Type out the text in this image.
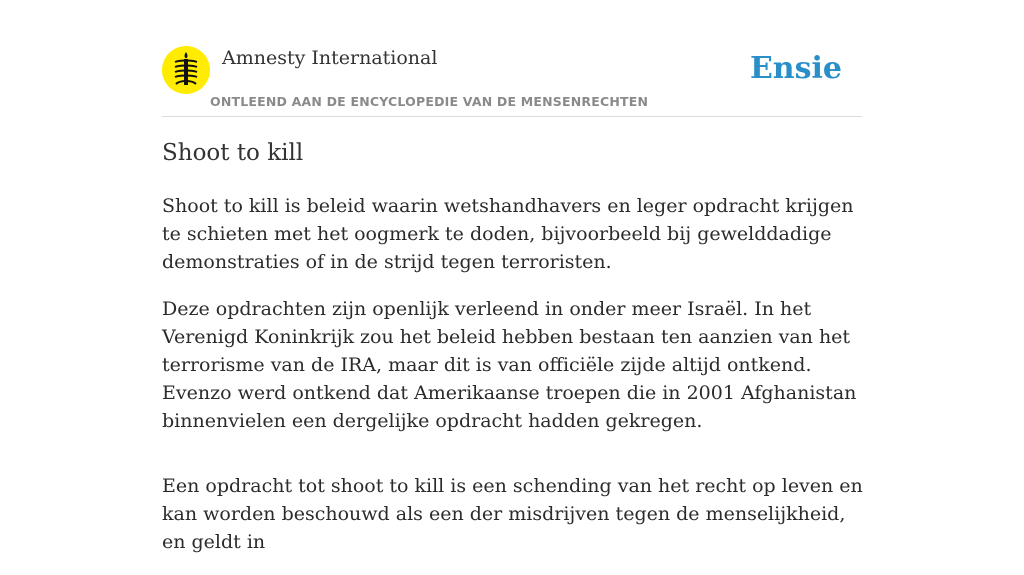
Amnesty International
ONTLEEND AAN DE ENCYCLOPEDIE VAN DE MENSENRECHTEN
Ensie
Shoot to kill

Shoot to kill is beleid waarin wetshandhavers en leger opdracht krijgen te schieten met het oogmerk te doden, bijvoorbeeld bij gewelddadige demonstraties of in de strijd tegen terroristen.

Deze opdrachten zijn openlijk verleend in onder meer Israël. In het Verenigd Koninkrijk zou het beleid hebben bestaan ten aanzien van het terrorisme van de IRA, maar dit is van officiële zijde altijd ontkend. Evenzo werd ontkend dat Amerikaanse troepen die in 2001 Afghanistan binnenvielen een dergelijke opdracht hadden gekregen.

Een opdracht tot shoot to kill is een schending van het recht op leven en kan worden beschouwd als een der misdrijven tegen de menselijkheid, en geldt in
